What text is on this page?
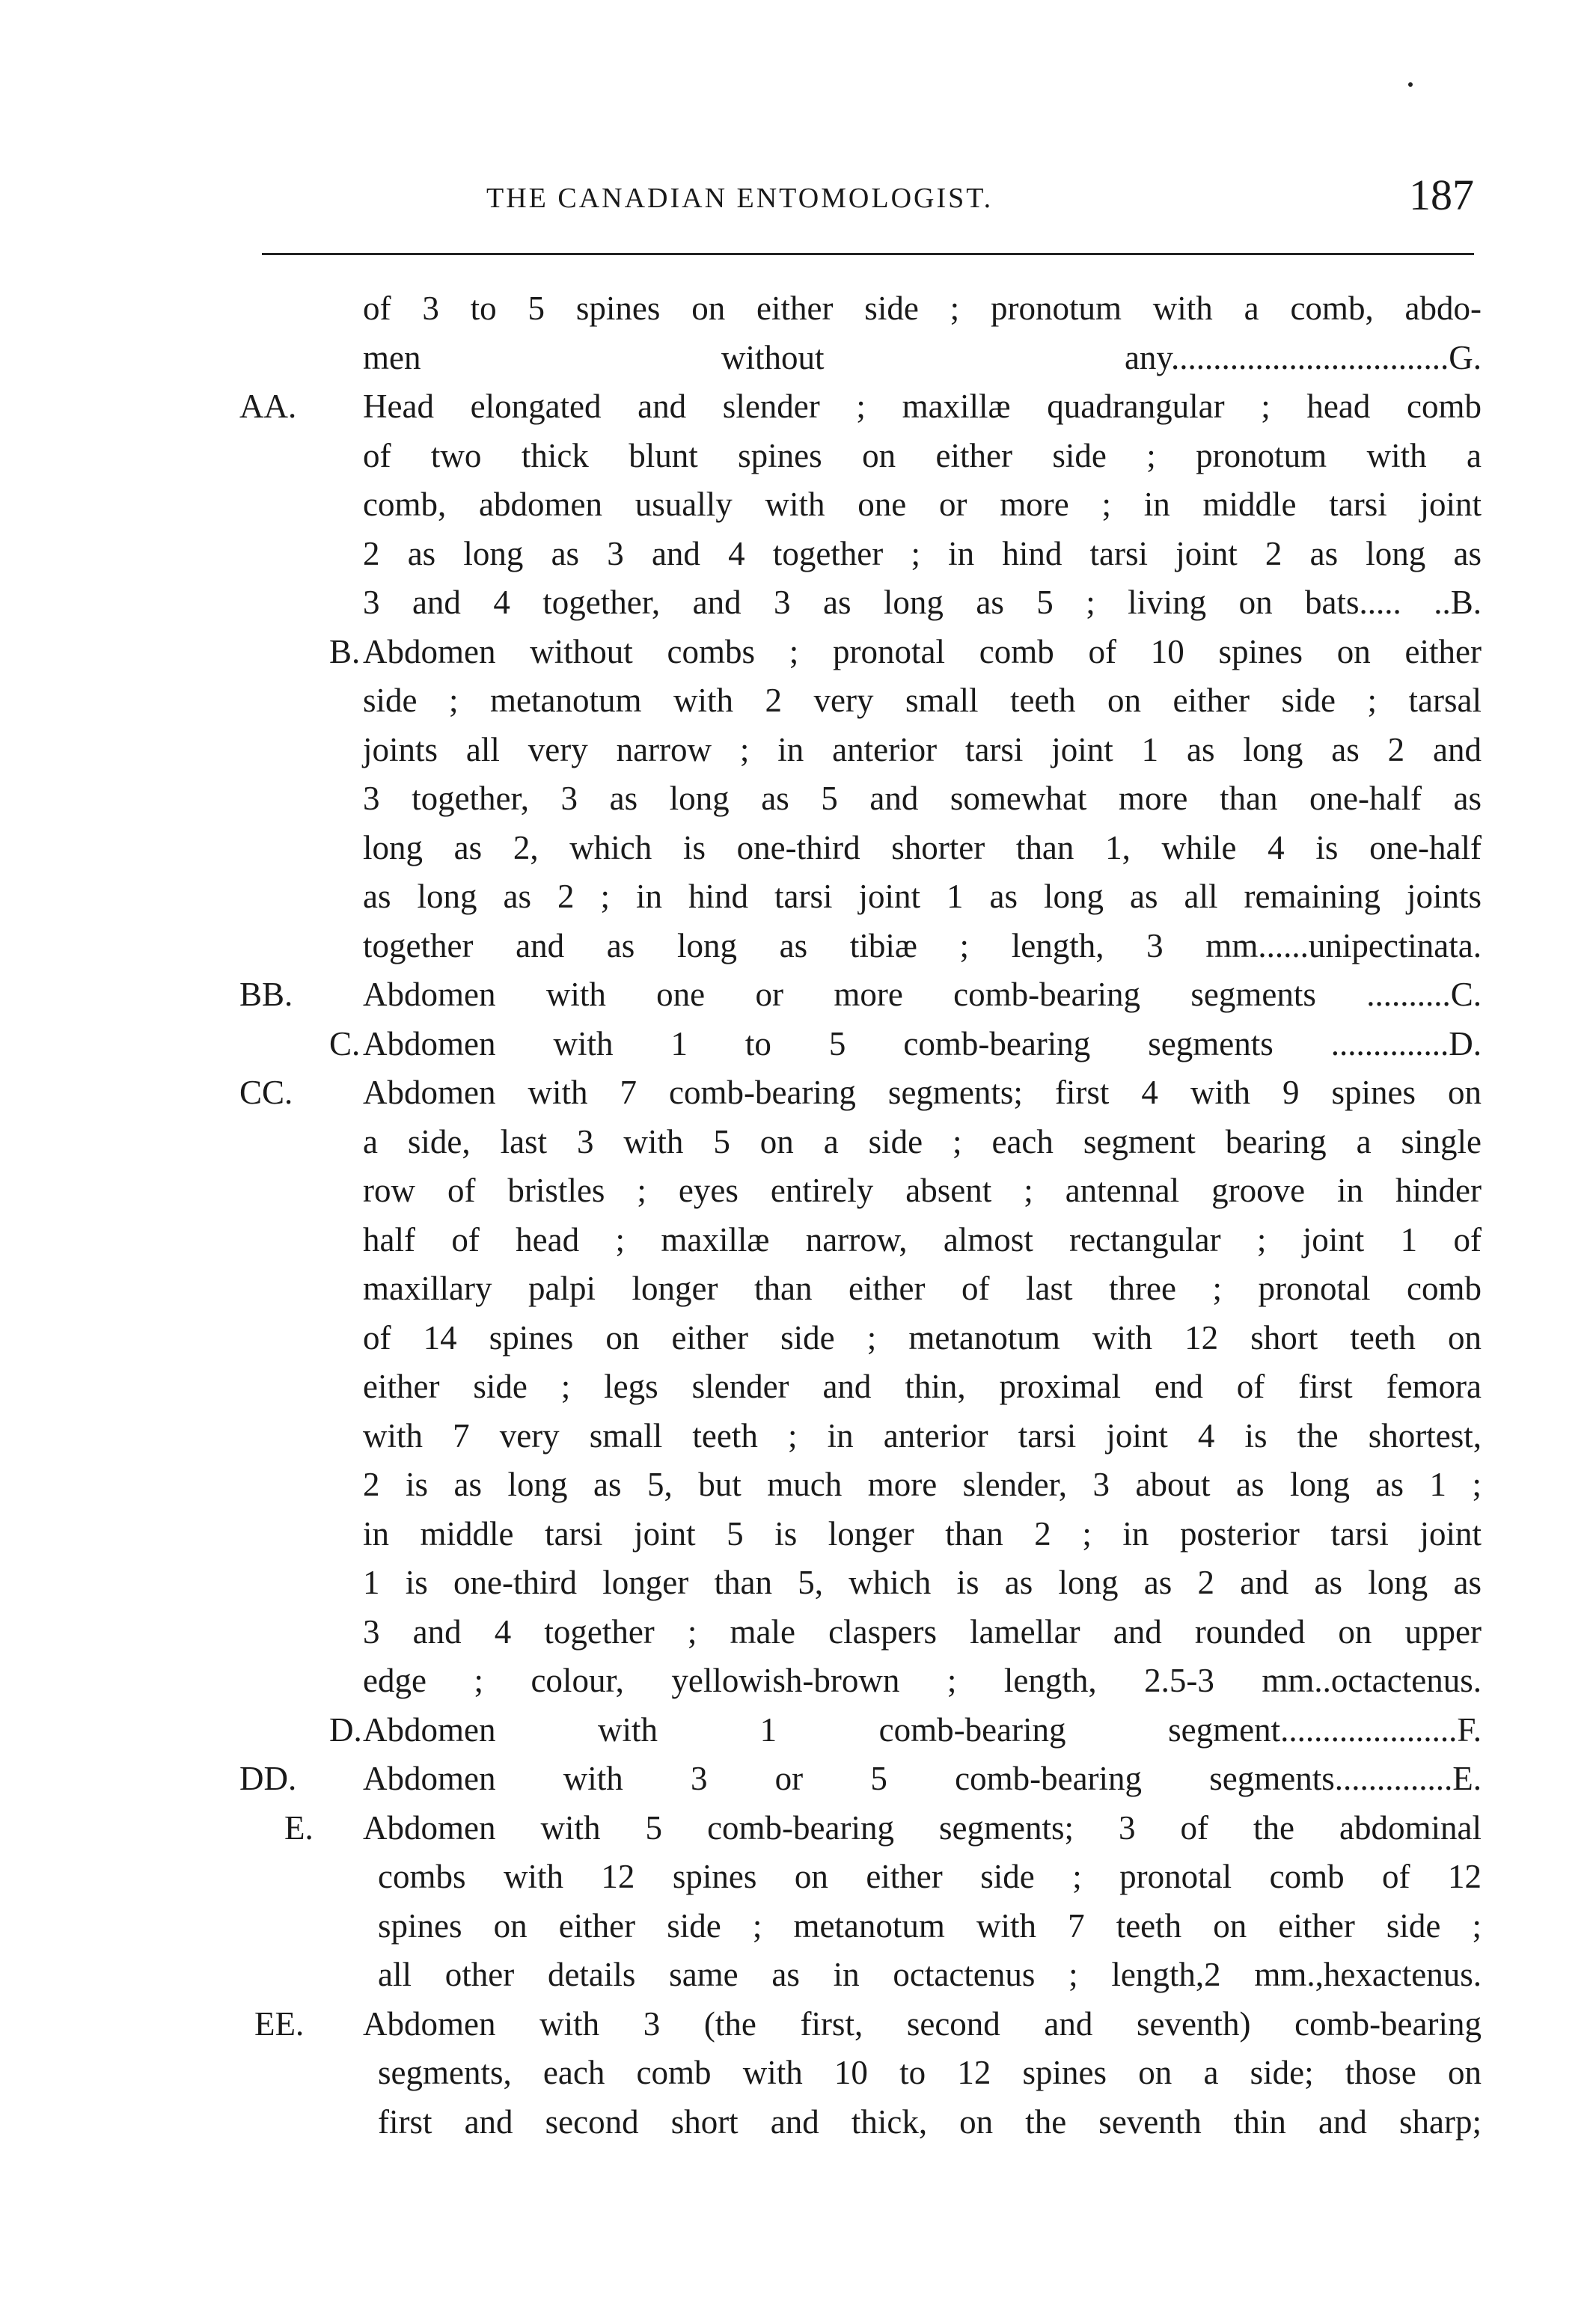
THE CANADIAN ENTOMOLOGIST.	187
of 3 to 5 spines on either side ; pronotum with a comb, abdo-
men without any.................................G.
AA. Head elongated and slender ; maxillæ quadrangular ; head comb
of two thick blunt spines on either side ; pronotum with a
comb, abdomen usually with one or more ; in middle tarsi joint
2 as long as 3 and 4 together ; in hind tarsi joint 2 as long as
3 and 4 together, and 3 as long as 5 ; living on bats..... ..B.
B. Abdomen without combs ; pronotal comb of 10 spines on either
side ; metanotum with 2 very small teeth on either side ; tarsal
joints all very narrow ; in anterior tarsi joint 1 as long as 2 and
3 together, 3 as long as 5 and somewhat more than one-half as
long as 2, which is one-third shorter than 1, while 4 is one-half
as long as 2 ; in hind tarsi joint 1 as long as all remaining joints
together and as long as tibiæ ; length, 3 mm......unipectinata.
BB. Abdomen with one or more comb-bearing segments ..........C.
C. Abdomen with 1 to 5 comb-bearing segments ..............D.
CC. Abdomen with 7 comb-bearing segments; first 4 with 9 spines on
a side, last 3 with 5 on a side ; each segment bearing a single
row of bristles ; eyes entirely absent ; antennal groove in hinder
half of head ; maxillæ narrow, almost rectangular ; joint 1 of
maxillary palpi longer than either of last three ; pronotal comb
of 14 spines on either side ; metanotum with 12 short teeth on
either side ; legs slender and thin, proximal end of first femora
with 7 very small teeth ; in anterior tarsi joint 4 is the shortest,
2 is as long as 5, but much more slender, 3 about as long as 1 ;
in middle tarsi joint 5 is longer than 2 ; in posterior tarsi joint
1 is one-third longer than 5, which is as long as 2 and as long as
3 and 4 together ; male claspers lamellar and rounded on upper
edge ; colour, yellowish-brown ; length, 2.5-3 mm..octactenus.
D. Abdomen with 1 comb-bearing segment.....................F.
DD. Abdomen with 3 or 5 comb-bearing segments..............E.
E. Abdomen with 5 comb-bearing segments; 3 of the abdominal
combs with 12 spines on either side ; pronotal comb of 12
spines on either side ; metanotum with 7 teeth on either side ;
all other details same as in octactenus ; length,2 mm.,hexactenus.
EE. Abdomen with 3 (the first, second and seventh) comb-bearing
segments, each comb with 10 to 12 spines on a side; those on
first and second short and thick, on the seventh thin and sharp;
